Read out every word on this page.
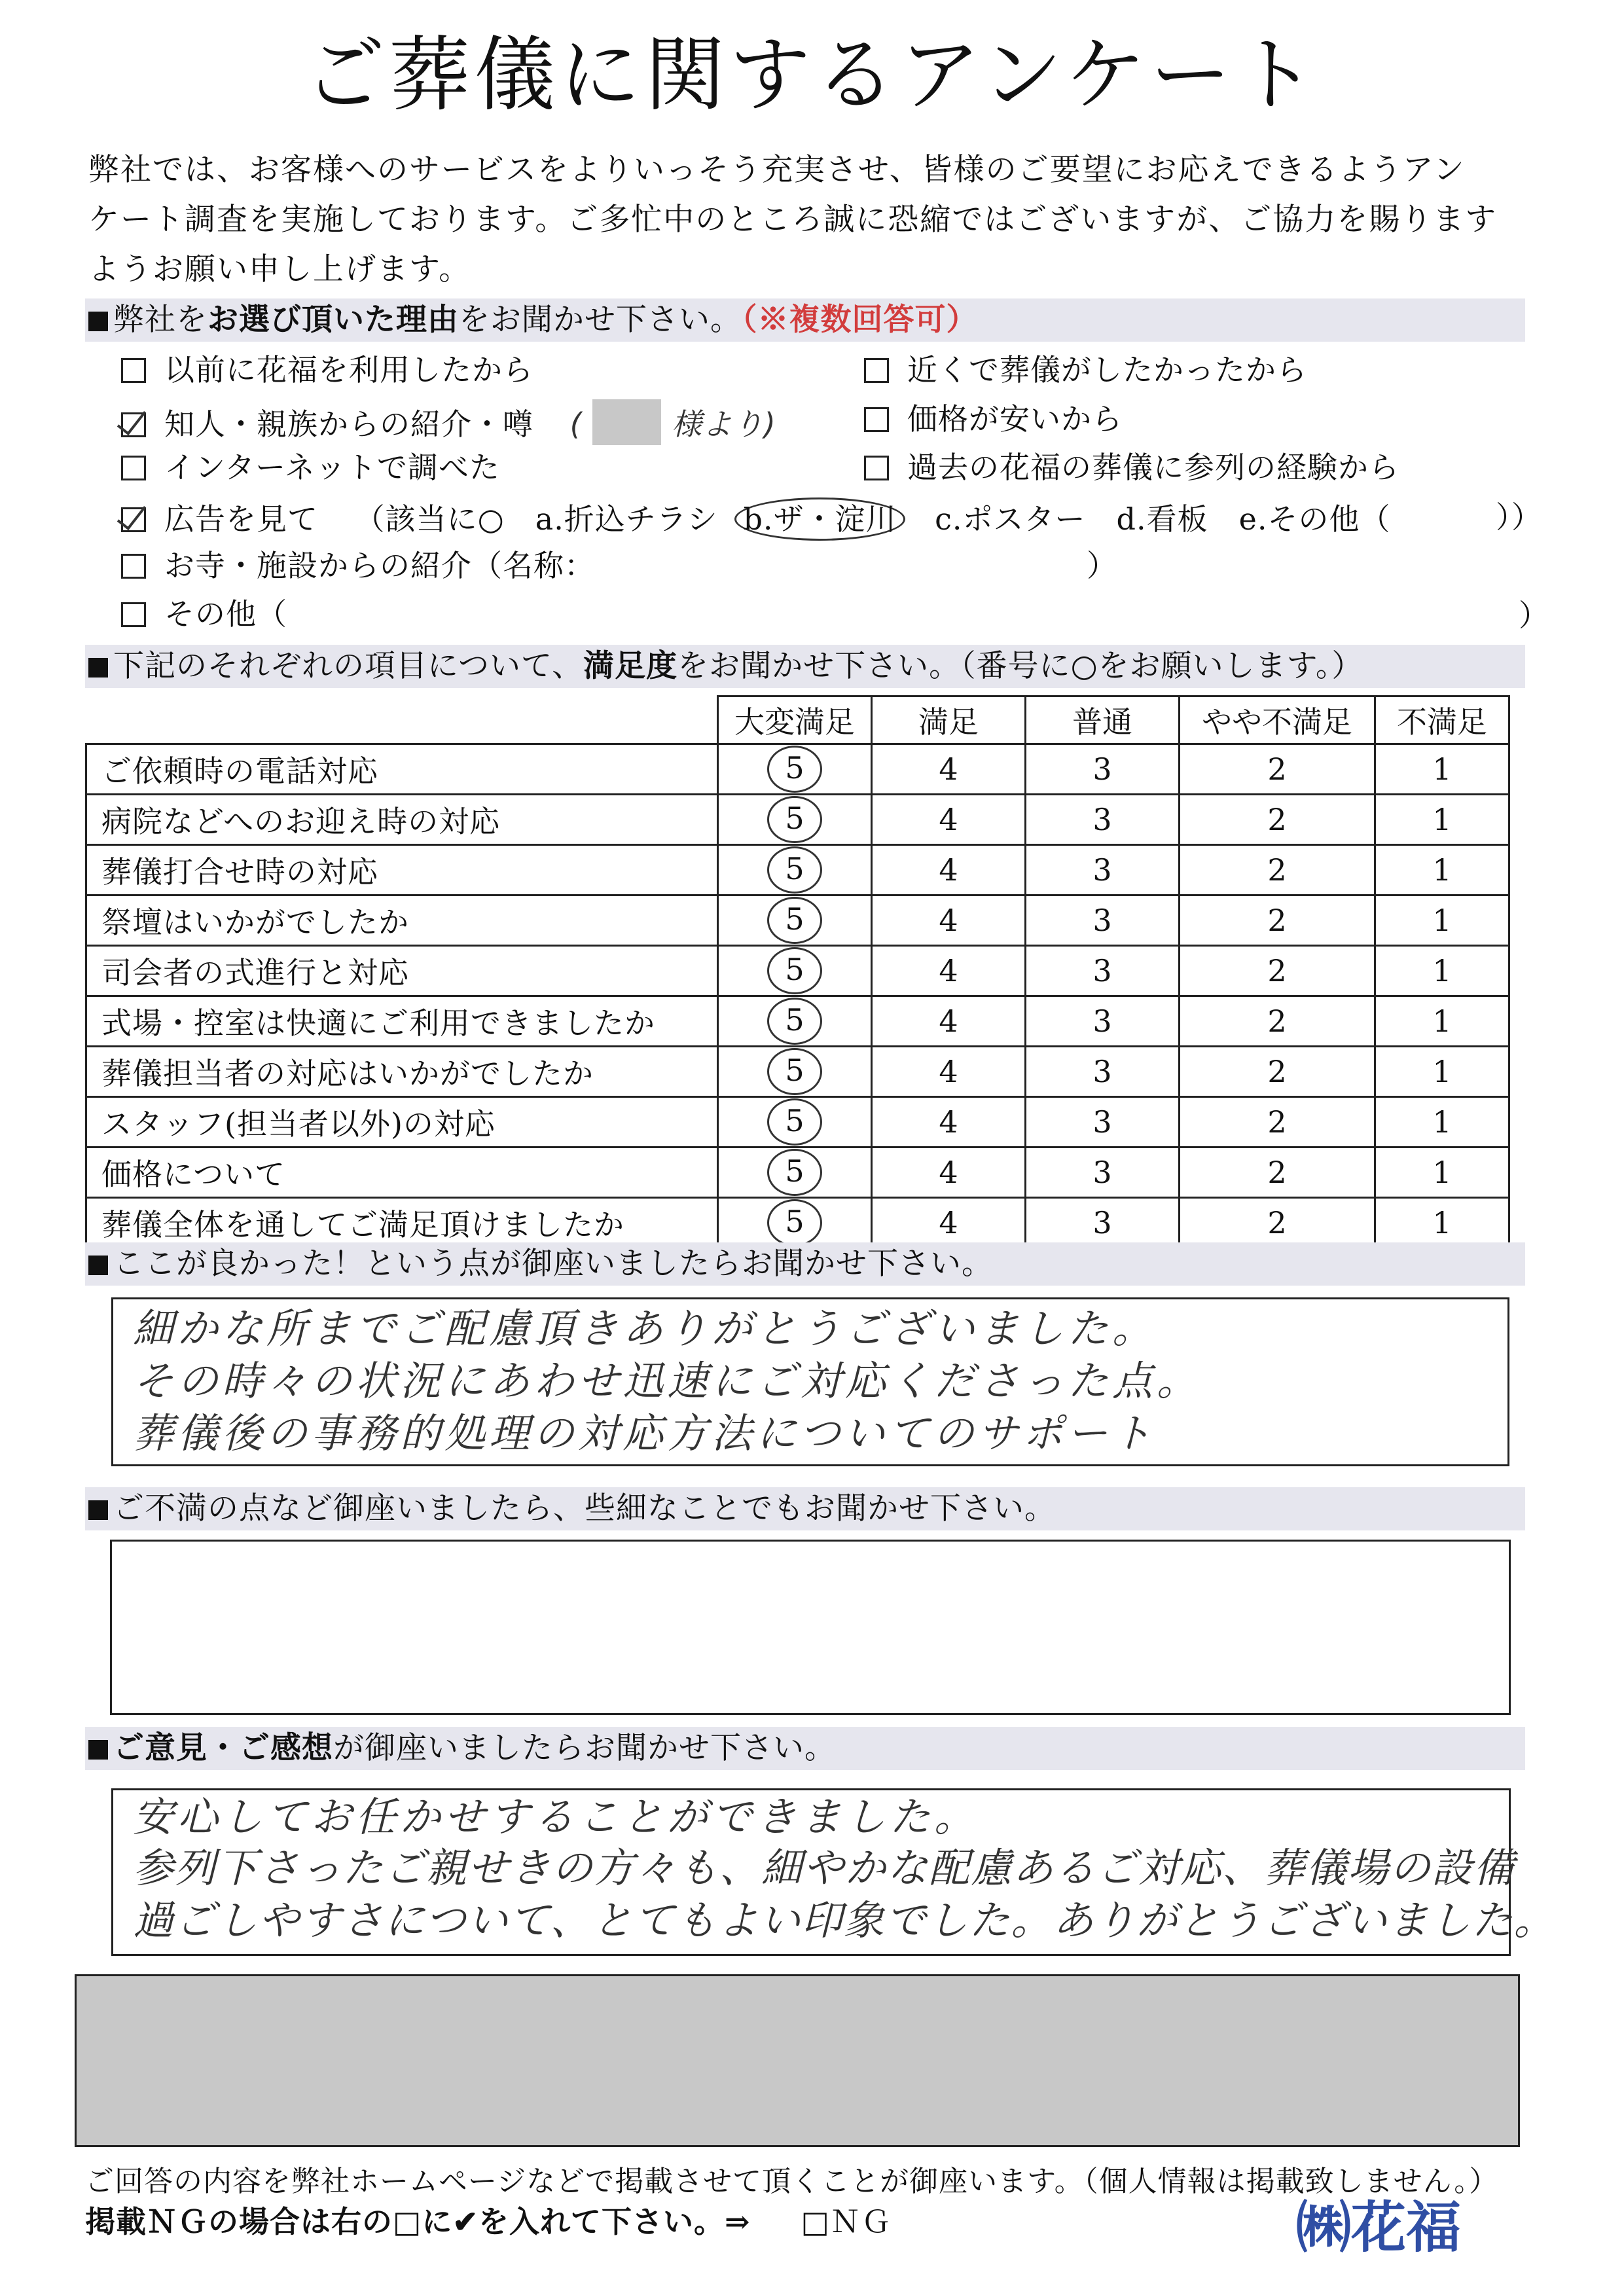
ご葬儀に関するアンケート
弊社では、お客様へのサービスをよりいっそう充実させ、皆様のご要望にお応えできるようアン
ケート調査を実施しております。ご多忙中のところ誠に恐縮ではございますが、ご協力を賜ります
ようお願い申し上げます。
弊社をお選び頂いた理由をお聞かせ下さい。（※複数回答可）
以前に花福を利用したから	近くで葬儀がしたかったから
知人・親族からの紹介・噂 (	様より)	価格が安いから
インターネットで調べた	過去の花福の葬儀に参列の経験から
広告を見て （該当に○　a.折込チラシ b.ザ・淀川 c.ポスター　d.看板　e.その他（	））
お寺・施設からの紹介（名称：	）
その他（	）
下記のそれぞれの項目について、満足度をお聞かせ下さい。（番号に○をお願いします。）
	大変満足	満足	普通	やや不満足	不満足
ご依頼時の電話対応	5	4	3	2	1
病院などへのお迎え時の対応	5	4	3	2	1
葬儀打合せ時の対応	5	4	3	2	1
祭壇はいかがでしたか	5	4	3	2	1
司会者の式進行と対応	5	4	3	2	1
式場・控室は快適にご利用できましたか	5	4	3	2	1
葬儀担当者の対応はいかがでしたか	5	4	3	2	1
スタッフ(担当者以外)の対応	5	4	3	2	1
価格について	5	4	3	2	1
葬儀全体を通してご満足頂けましたか	5	4	3	2	1
ここが良かった！という点が御座いましたらお聞かせ下さい。
細かな所までご配慮頂きありがとうございました。
その時々の状況にあわせ迅速にご対応くださった点。
葬儀後の事務的処理の対応方法についてのサポート
ご不満の点など御座いましたら、些細なことでもお聞かせ下さい。
ご意見・ご感想が御座いましたらお聞かせ下さい。
安心してお任かせすることができました。
参列下さったご親せきの方々も、細やかな配慮あるご対応、葬儀場の設備
過ごしやすさについて、とてもよい印象でした。ありがとうございました。
ご回答の内容を弊社ホームページなどで掲載させて頂くことが御座います。（個人情報は掲載致しません。）
掲載ＮＧの場合は右の□に✔を入れて下さい。⇒ □ＮＧ	㈱花福
